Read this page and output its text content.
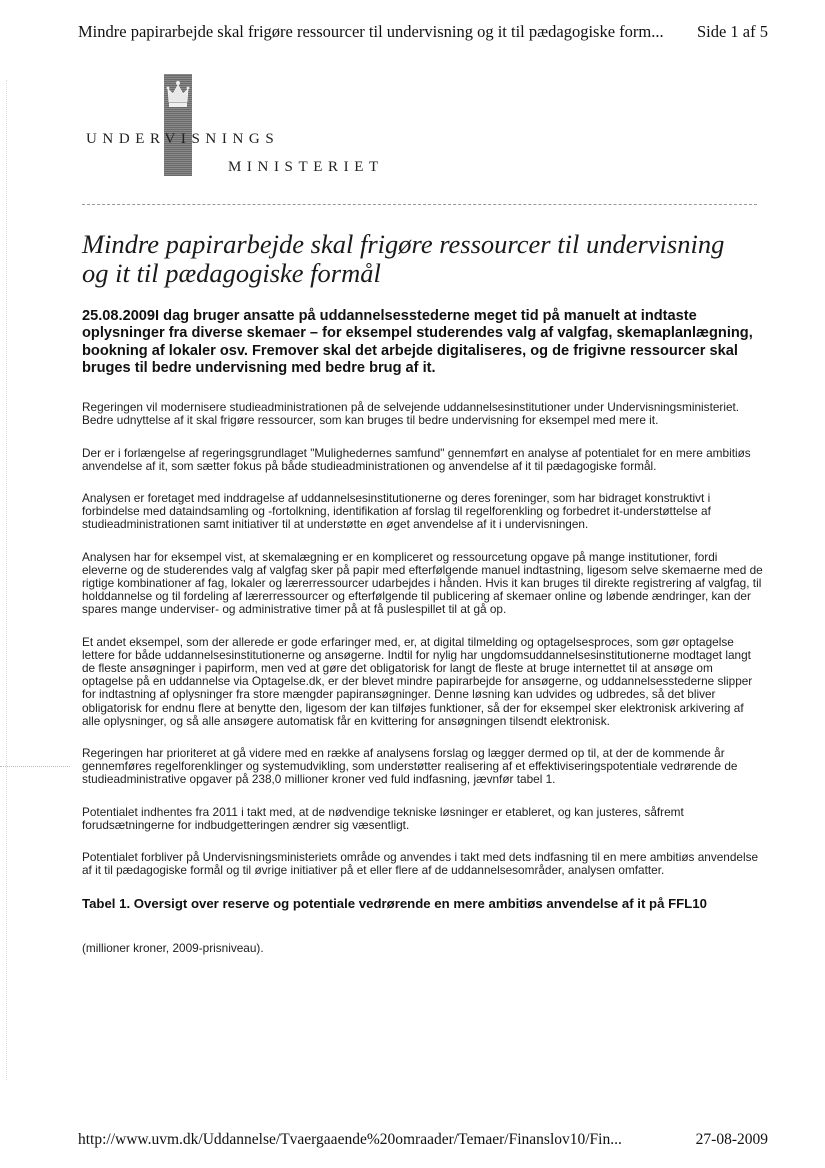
Mindre papirarbejde skal frigøre ressourcer til undervisning og it til pædagogiske form... Side 1 af 5
UNDERVISNINGS
MINISTERIET
Mindre papirarbejde skal frigøre ressourcer til undervisning og it til pædagogiske formål

25.08.2009I dag bruger ansatte på uddannelsesstederne meget tid på manuelt at indtaste oplysninger fra diverse skemaer – for eksempel studerendes valg af valgfag, skemaplanlægning, bookning af lokaler osv. Fremover skal det arbejde digitaliseres, og de frigivne ressourcer skal bruges til bedre undervisning med bedre brug af it.

Regeringen vil modernisere studieadministrationen på de selvejende uddannelsesinstitutioner under Undervisningsministeriet. Bedre udnyttelse af it skal frigøre ressourcer, som kan bruges til bedre undervisning for eksempel med mere it.

Der er i forlængelse af regeringsgrundlaget "Mulighedernes samfund" gennemført en analyse af potentialet for en mere ambitiøs anvendelse af it, som sætter fokus på både studieadministrationen og anvendelse af it til pædagogiske formål.

Analysen er foretaget med inddragelse af uddannelsesinstitutionerne og deres foreninger, som har bidraget konstruktivt i forbindelse med dataindsamling og -fortolkning, identifikation af forslag til regelforenkling og forbedret it-understøttelse af studieadministrationen samt initiativer til at understøtte en øget anvendelse af it i undervisningen.

Analysen har for eksempel vist, at skemalægning er en kompliceret og ressourcetung opgave på mange institutioner, fordi eleverne og de studerendes valg af valgfag sker på papir med efterfølgende manuel indtastning, ligesom selve skemaerne med de rigtige kombinationer af fag, lokaler og lærerressourcer udarbejdes i hånden. Hvis it kan bruges til direkte registrering af valgfag, til holddannelse og til fordeling af lærerressourcer og efterfølgende til publicering af skemaer online og løbende ændringer, kan der spares mange underviser- og administrative timer på at få puslespillet til at gå op.

Et andet eksempel, som der allerede er gode erfaringer med, er, at digital tilmelding og optagelsesproces, som gør optagelse lettere for både uddannelsesinstitutionerne og ansøgerne. Indtil for nylig har ungdomsuddannelsesinstitutionerne modtaget langt de fleste ansøgninger i papirform, men ved at gøre det obligatorisk for langt de fleste at bruge internettet til at ansøge om optagelse på en uddannelse via Optagelse.dk, er der blevet mindre papirarbejde for ansøgerne, og uddannelsesstederne slipper for indtastning af oplysninger fra store mængder papiransøgninger. Denne løsning kan udvides og udbredes, så det bliver obligatorisk for endnu flere at benytte den, ligesom der kan tilføjes funktioner, så der for eksempel sker elektronisk arkivering af alle oplysninger, og så alle ansøgere automatisk får en kvittering for ansøgningen tilsendt elektronisk.

Regeringen har prioriteret at gå videre med en række af analysens forslag og lægger dermed op til, at der de kommende år gennemføres regelforenklinger og systemudvikling, som understøtter realisering af et effektiviseringspotentiale vedrørende de studieadministrative opgaver på 238,0 millioner kroner ved fuld indfasning, jævnfør tabel 1.

Potentialet indhentes fra 2011 i takt med, at de nødvendige tekniske løsninger er etableret, og kan justeres, såfremt forudsætningerne for indbudgetteringen ændrer sig væsentligt.

Potentialet forbliver på Undervisningsministeriets område og anvendes i takt med dets indfasning til en mere ambitiøs anvendelse af it til pædagogiske formål og til øvrige initiativer på et eller flere af de uddannelsesområder, analysen omfatter.

Tabel 1. Oversigt over reserve og potentiale vedrørende en mere ambitiøs anvendelse af it på FFL10

(millioner kroner, 2009-prisniveau).

http://www.uvm.dk/Uddannelse/Tvaergaaende%20omraader/Temaer/Finanslov10/Fin...	27-08-2009
